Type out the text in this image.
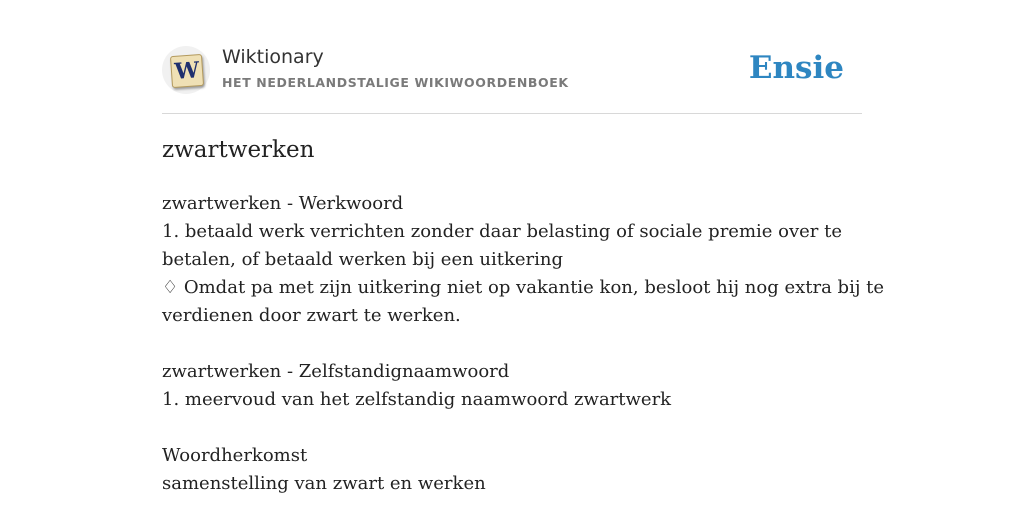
W
Wiktionary
HET NEDERLANDSTALIGE WIKIWOORDENBOEK	Ensie
zwartwerken
zwartwerken - Werkwoord
1. betaald werk verrichten zonder daar belasting of sociale premie over te
betalen, of betaald werken bij een uitkering
♢ Omdat pa met zijn uitkering niet op vakantie kon, besloot hij nog extra bij te
verdienen door zwart te werken.
zwartwerken - Zelfstandignaamwoord
1. meervoud van het zelfstandig naamwoord zwartwerk
Woordherkomst
samenstelling van zwart en werken
